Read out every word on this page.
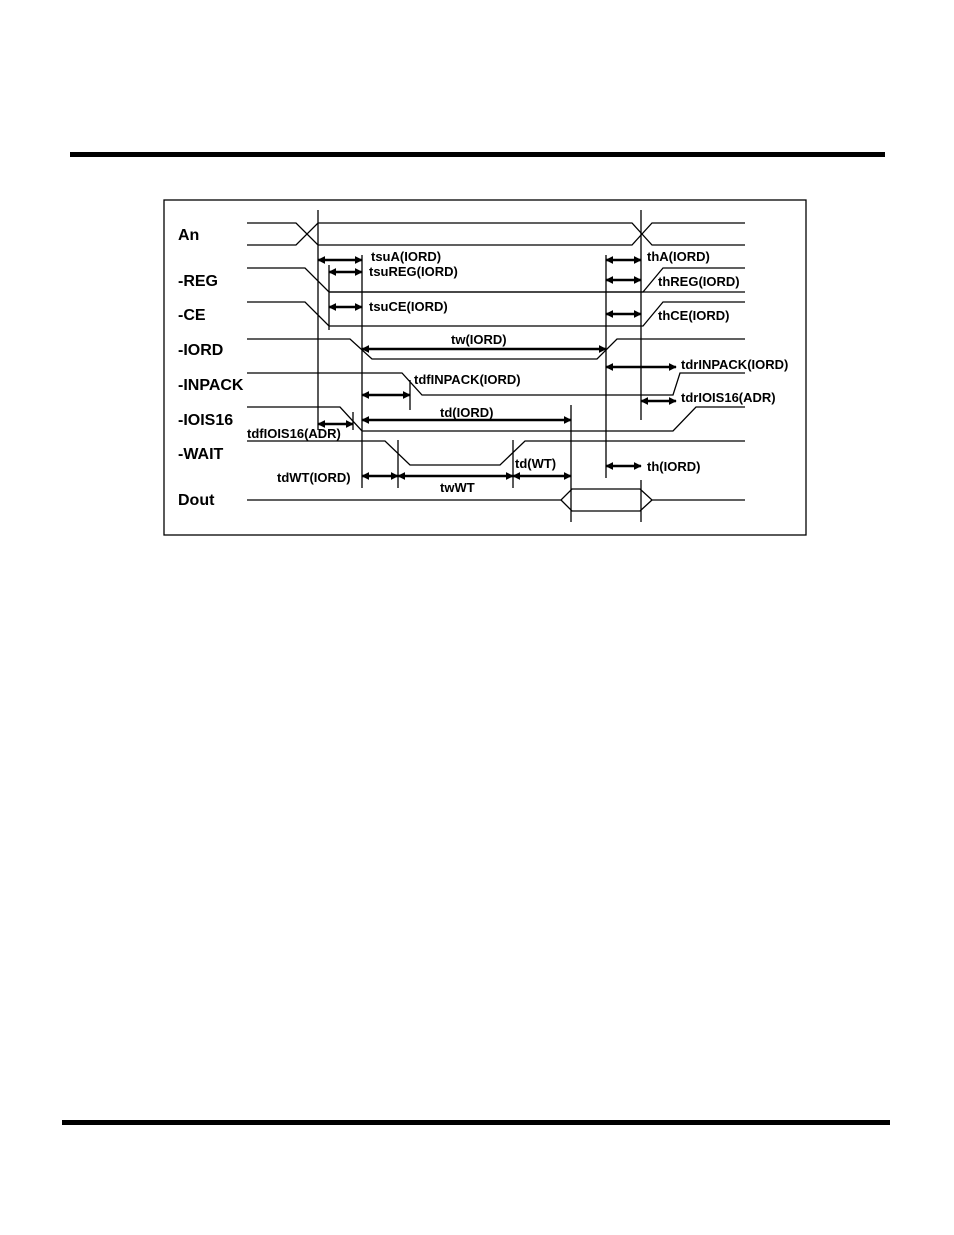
An
-REG
-CE
-IORD
-INPACK
-IOIS16
-WAIT
Dout
tsuA(IORD)
tsuREG(IORD)
tsuCE(IORD)
thA(IORD)
thREG(IORD)
thCE(IORD)
tw(IORD)
tdrINPACK(IORD)
tdfINPACK(IORD)
tdrIOIS16(ADR)
td(IORD)
tdfIOIS16(ADR)
td(WT)	th(IORD)
tdWT(IORD)
twWT
